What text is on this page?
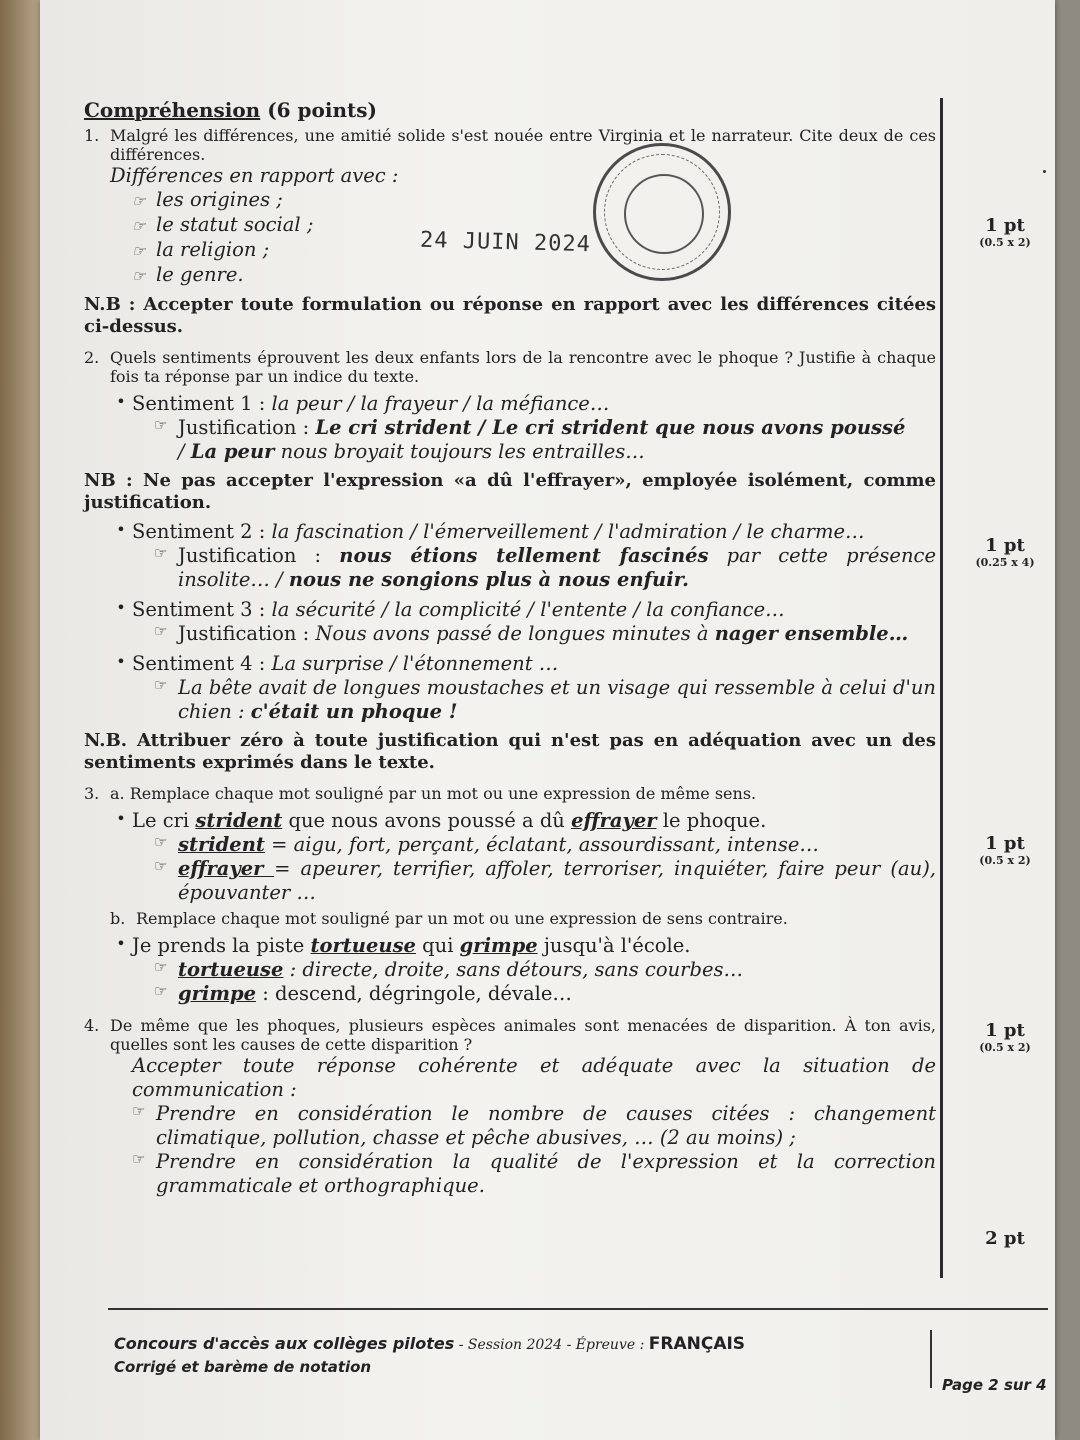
24 JUIN 2024
Compréhension (6 points)
1. Malgré les différences, une amitié solide s'est nouée entre Virginia et le narrateur. Cite deux de ces différences.

Différences en rapport avec :

☞ les origines ;

☞ le statut social ;

☞ la religion ;

☞ le genre.

N.B : Accepter toute formulation ou réponse en rapport avec les différences citées ci-dessus.

2. Quels sentiments éprouvent les deux enfants lors de la rencontre avec le phoque ? Justifie à chaque fois ta réponse par un indice du texte.
• Sentiment 1 : la peur / la frayeur / la méfiance…
☞ Justification : Le cri strident / Le cri strident que nous avons poussé
/ La peur nous broyait toujours les entrailles…

NB : Ne pas accepter l'expression «a dû l'effrayer», employée isolément, comme justification.

• Sentiment 2 : la fascination / l'émerveillement / l'admiration / le charme…
☞ Justification : nous étions tellement fascinés par cette présence insolite… / nous ne songions plus à nous enfuir.
• Sentiment 3 : la sécurité / la complicité / l'entente / la confiance…
☞ Justification : Nous avons passé de longues minutes à nager ensemble…
• Sentiment 4 : La surprise / l'étonnement …
☞ La bête avait de longues moustaches et un visage qui ressemble à celui d'un chien : c'était un phoque !

N.B. Attribuer zéro à toute justification qui n'est pas en adéquation avec un des sentiments exprimés dans le texte.

3. a. Remplace chaque mot souligné par un mot ou une expression de même sens.
• Le cri strident que nous avons poussé a dû effrayer le phoque.
☞ strident = aigu, fort, perçant, éclatant, assourdissant, intense…
☞ effrayer = apeurer, terrifier, affoler, terroriser, inquiéter, faire peur (au), épouvanter …
b. Remplace chaque mot souligné par un mot ou une expression de sens contraire.
• Je prends la piste tortueuse qui grimpe jusqu'à l'école.
☞ tortueuse : directe, droite, sans détours, sans courbes…
☞ grimpe : descend, dégringole, dévale…
4. De même que les phoques, plusieurs espèces animales sont menacées de disparition. À ton avis, quelles sont les causes de cette disparition ?

Accepter toute réponse cohérente et adéquate avec la situation de communication :

☞ Prendre en considération le nombre de causes citées : changement climatique, pollution, chasse et pêche abusives, … (2 au moins) ;
☞ Prendre en considération la qualité de l'expression et la correction grammaticale et orthographique.
1 pt
(0.5 x 2)
1 pt
(0.25 x 4)
1 pt
(0.5 x 2)
1 pt
(0.5 x 2)
2 pt
Concours d'accès aux collèges pilotes - Session 2024 - Épreuve : FRANÇAIS
Corrigé et barème de notation
Page 2 sur 4
